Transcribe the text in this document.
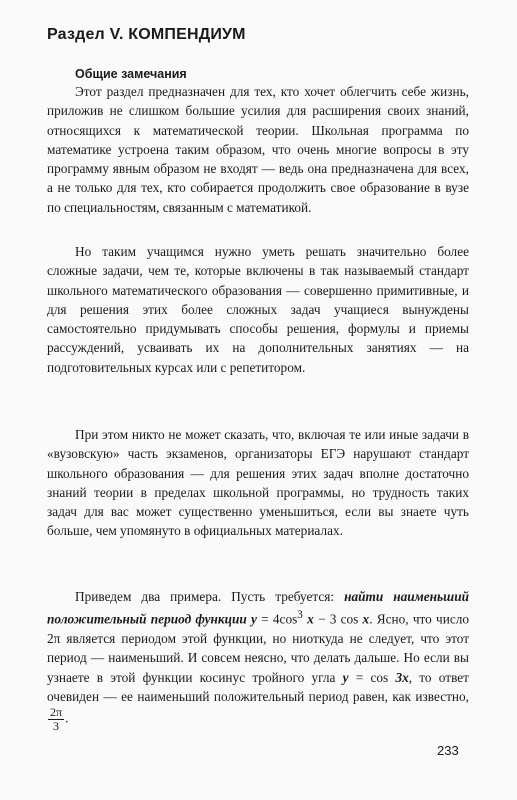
Раздел V. КОМПЕНДИУМ
Общие замечания

Этот раздел предназначен для тех, кто хочет облегчить себе жизнь, приложив не слишком большие усилия для расширения своих знаний, относящихся к математической теории. Школьная программа по математике устроена таким образом, что очень многие вопросы в эту программу явным образом не входят — ведь она предназначена для всех, а не только для тех, кто собирается продолжить свое образование в вузе по специальностям, связанным с математикой.

Но таким учащимся нужно уметь решать значительно более сложные задачи, чем те, которые включены в так называемый стандарт школьного математического образования — совершенно примитивные, и для решения этих более сложных задач учащиеся вынуждены самостоятельно придумывать способы решения, формулы и приемы рассуждений, усваивать их на дополнительных занятиях — на подготовительных курсах или с репетитором.

При этом никто не может сказать, что, включая те или иные задачи в «вузовскую» часть экзаменов, организаторы ЕГЭ нарушают стандарт школьного образования — для решения этих задач вполне достаточно знаний теории в пределах школьной программы, но трудность таких задач для вас может существенно уменьшиться, если вы знаете чуть больше, чем упомянуто в официальных материалах.

Приведем два примера. Пусть требуется: найти наименьший положительный период функции $y = 4\cos^3$ x − 3 cos x. Ясно, что число 2π является периодом этой функции, но ниоткуда не следует, что этот период — наименьший. И совсем неясно, что делать дальше. Но если вы узнаете в этой функции косинус тройного угла y = cos 3x, то ответ очевиден — ее наименьший положительный период равен, как известно,
$\frac{2\pi}{3}$ .

233
